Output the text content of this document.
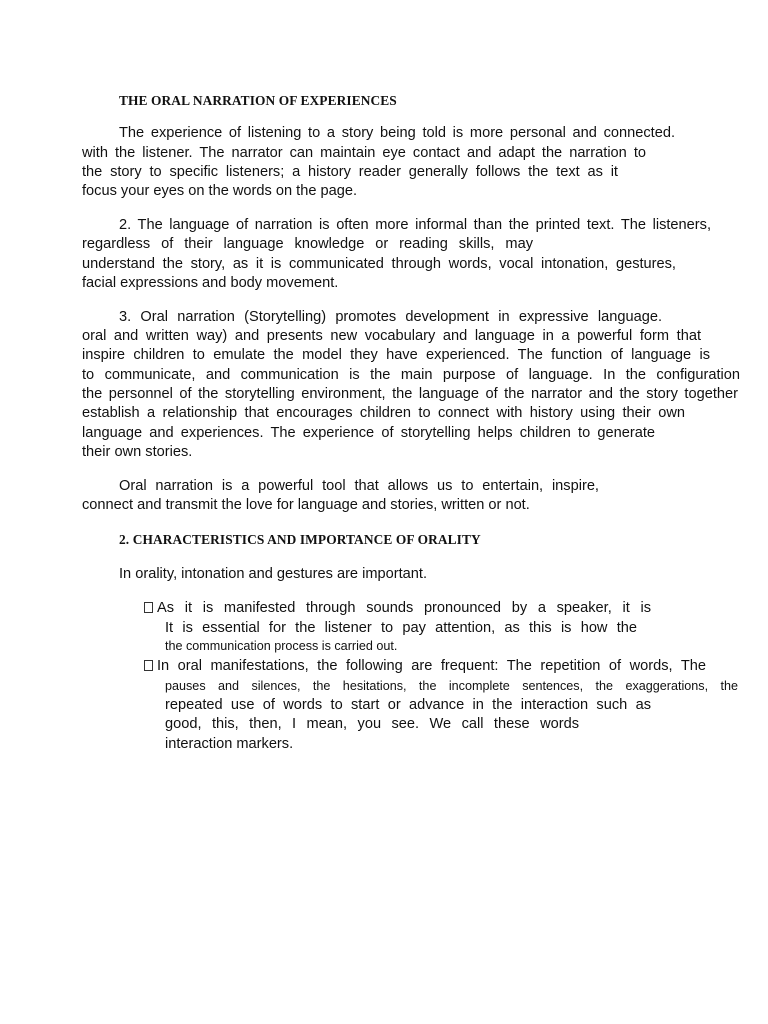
THE ORAL NARRATION OF EXPERIENCES
The experience of listening to a story being told is more personal and connected.
with the listener. The narrator can maintain eye contact and adapt the narration to
the story to specific listeners; a history reader generally follows the text as it
focus your eyes on the words on the page.
2. The language of narration is often more informal than the printed text. The listeners,
regardless of their language knowledge or reading skills, may
understand the story, as it is communicated through words, vocal intonation, gestures,
facial expressions and body movement.
3. Oral narration (Storytelling) promotes development in expressive language.
oral and written way) and presents new vocabulary and language in a powerful form that
inspire children to emulate the model they have experienced. The function of language is
to communicate, and communication is the main purpose of language. In the configuration
the personnel of the storytelling environment, the language of the narrator and the story together
establish a relationship that encourages children to connect with history using their own
language and experiences. The experience of storytelling helps children to generate
their own stories.
Oral narration is a powerful tool that allows us to entertain, inspire,
connect and transmit the love for language and stories, written or not.
2. CHARACTERISTICS AND IMPORTANCE OF ORALITY
In orality, intonation and gestures are important.
As it is manifested through sounds pronounced by a speaker, it is
It is essential for the listener to pay attention, as this is how the
the communication process is carried out.
In oral manifestations, the following are frequent: The repetition of words, The
pauses and silences, the hesitations, the incomplete sentences, the exaggerations, the
repeated use of words to start or advance in the interaction such as
good, this, then, I mean, you see. We call these words
interaction markers.
